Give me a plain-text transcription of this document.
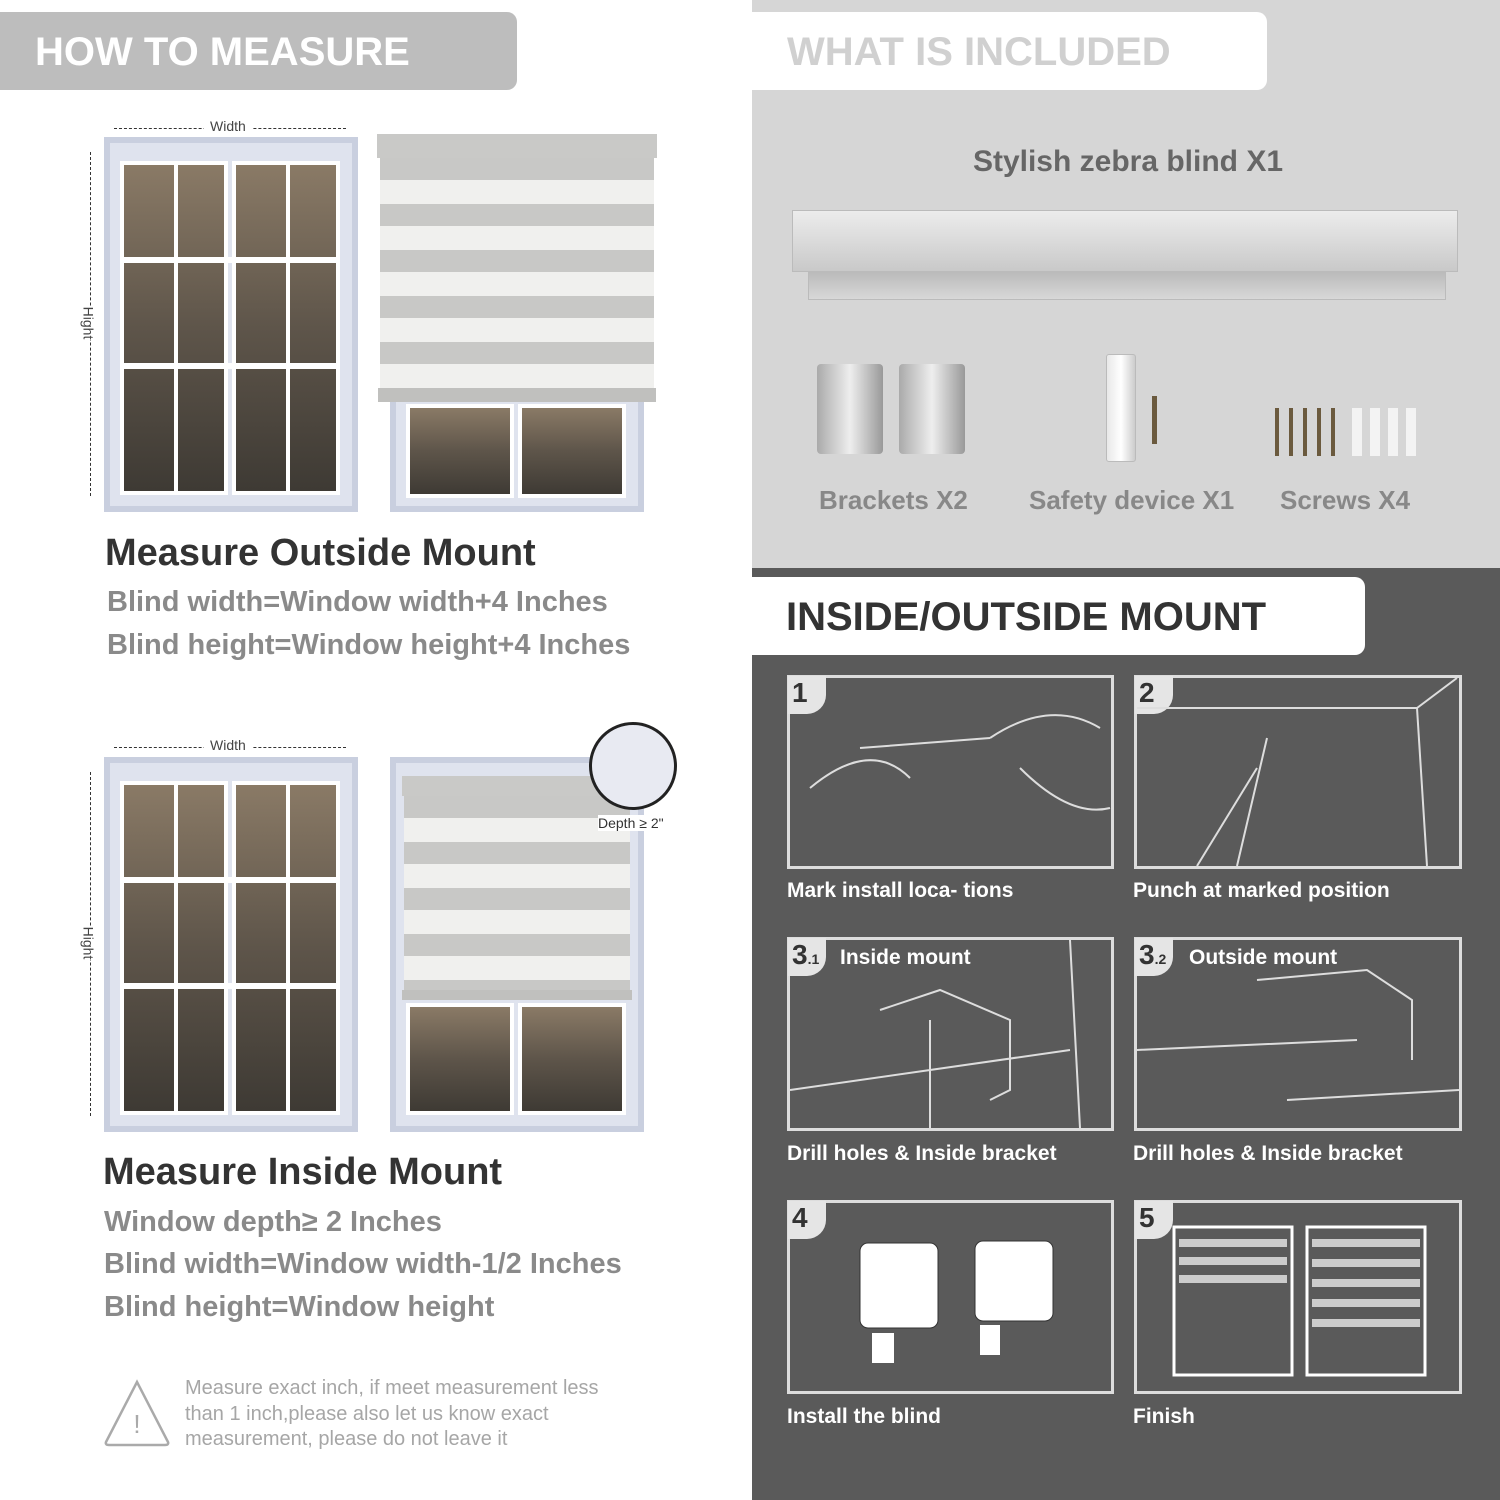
HOW TO MEASURE	WHAT IS INCLUDED
INSIDE/OUTSIDE MOUNT
Width
Hight
Measure Outside Mount
Blind width=Window width+4 Inches
Blind height=Window height+4 Inches
Width
Hight
Depth ≥ 2"
Measure Inside Mount
Window depth≥ 2 Inches
Blind width=Window width-1/2 Inches
Blind height=Window height
!
Measure exact inch, if meet measurement less
than 1 inch,please also let us know exact
measurement, please do not leave it
Stylish zebra blind X1
Brackets X2 Safety device X1 Screws X4
1	2
Mark install loca- tions	Punch at marked position
3.1 Inside mount	3.2	Outside mount
Drill holes & Inside bracket	Drill holes & Inside bracket
4	5
Install the blind	Finish
